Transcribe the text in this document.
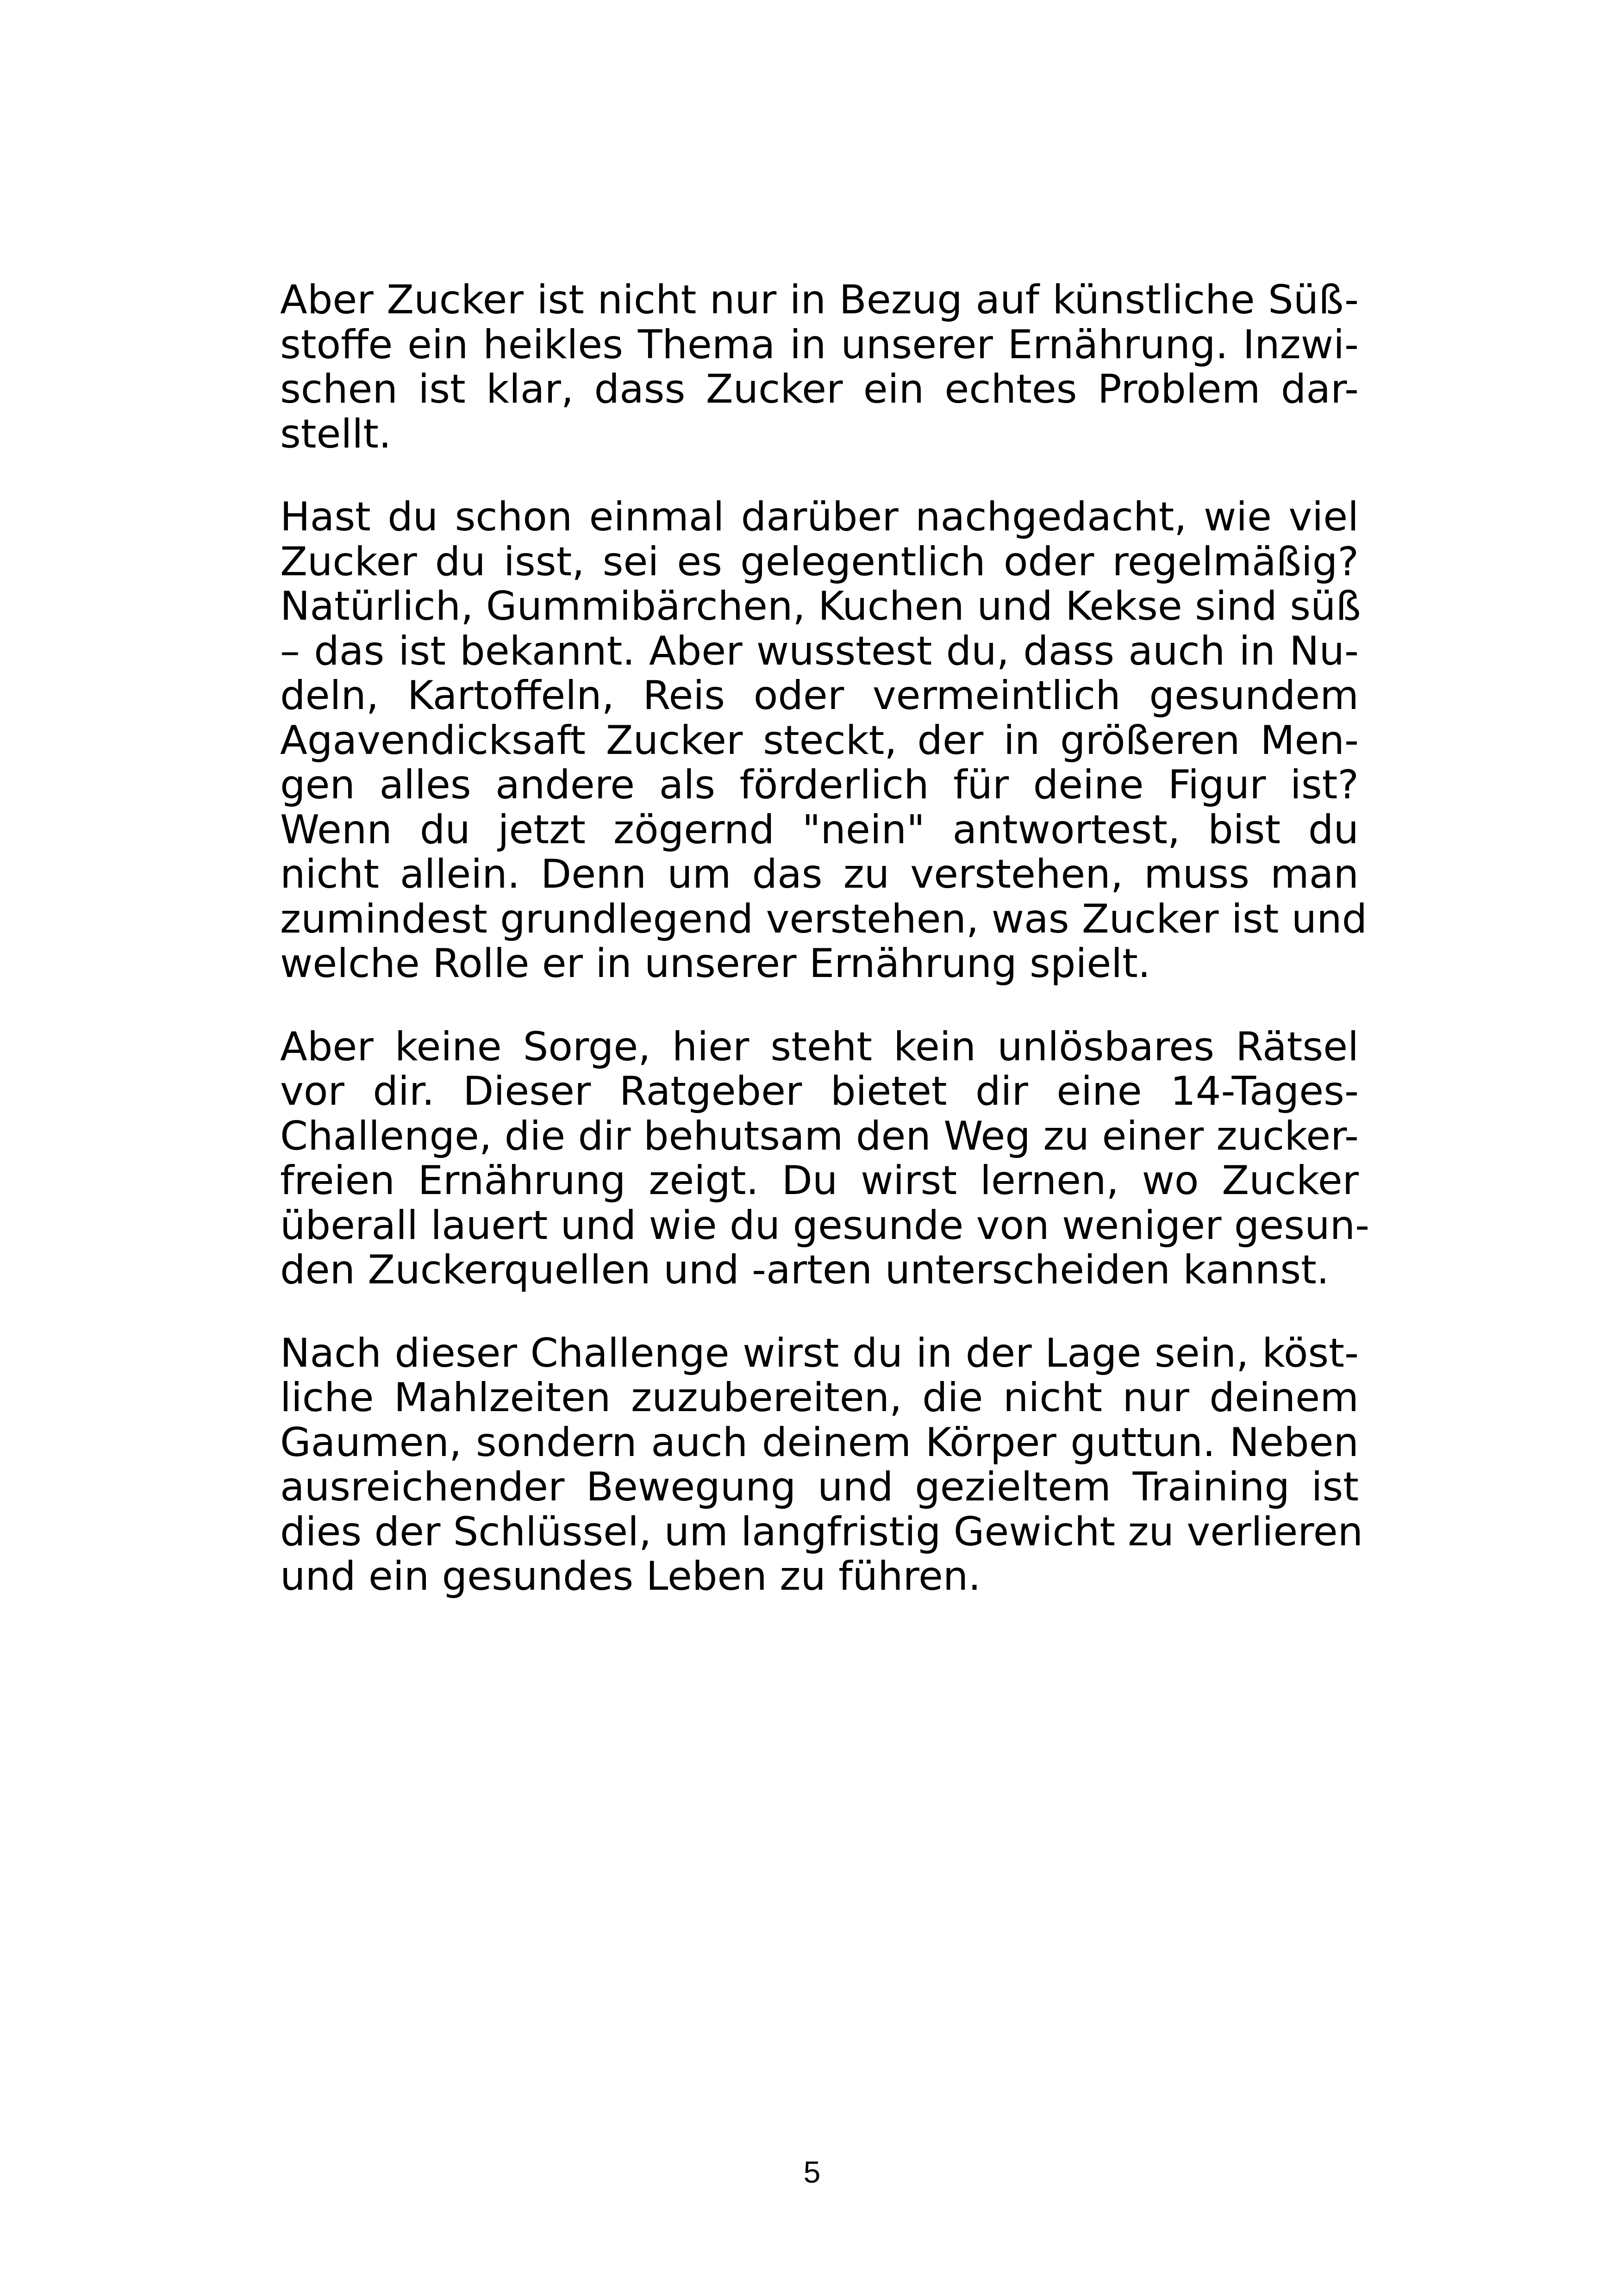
Aber Zucker ist nicht nur in Bezug auf künstliche Süß-
stoffe ein heikles Thema in unserer Ernährung. Inzwi-
schen ist klar, dass Zucker ein echtes Problem dar-
stellt.

Hast du schon einmal darüber nachgedacht, wie viel
Zucker du isst, sei es gelegentlich oder regelmäßig?
Natürlich, Gummibärchen, Kuchen und Kekse sind süß
– das ist bekannt. Aber wusstest du, dass auch in Nu-
deln, Kartoffeln, Reis oder vermeintlich gesundem
Agavendicksaft Zucker steckt, der in größeren Men-
gen alles andere als förderlich für deine Figur ist?
Wenn du jetzt zögernd "nein" antwortest, bist du
nicht allein. Denn um das zu verstehen, muss man
zumindest grundlegend verstehen, was Zucker ist und
welche Rolle er in unserer Ernährung spielt.

Aber keine Sorge, hier steht kein unlösbares Rätsel
vor dir. Dieser Ratgeber bietet dir eine 14-Tages-
Challenge, die dir behutsam den Weg zu einer zucker-
freien Ernährung zeigt. Du wirst lernen, wo Zucker
überall lauert und wie du gesunde von weniger gesun-
den Zuckerquellen und -arten unterscheiden kannst.

Nach dieser Challenge wirst du in der Lage sein, köst-
liche Mahlzeiten zuzubereiten, die nicht nur deinem
Gaumen, sondern auch deinem Körper guttun. Neben
ausreichender Bewegung und gezieltem Training ist
dies der Schlüssel, um langfristig Gewicht zu verlieren
und ein gesundes Leben zu führen.

5
